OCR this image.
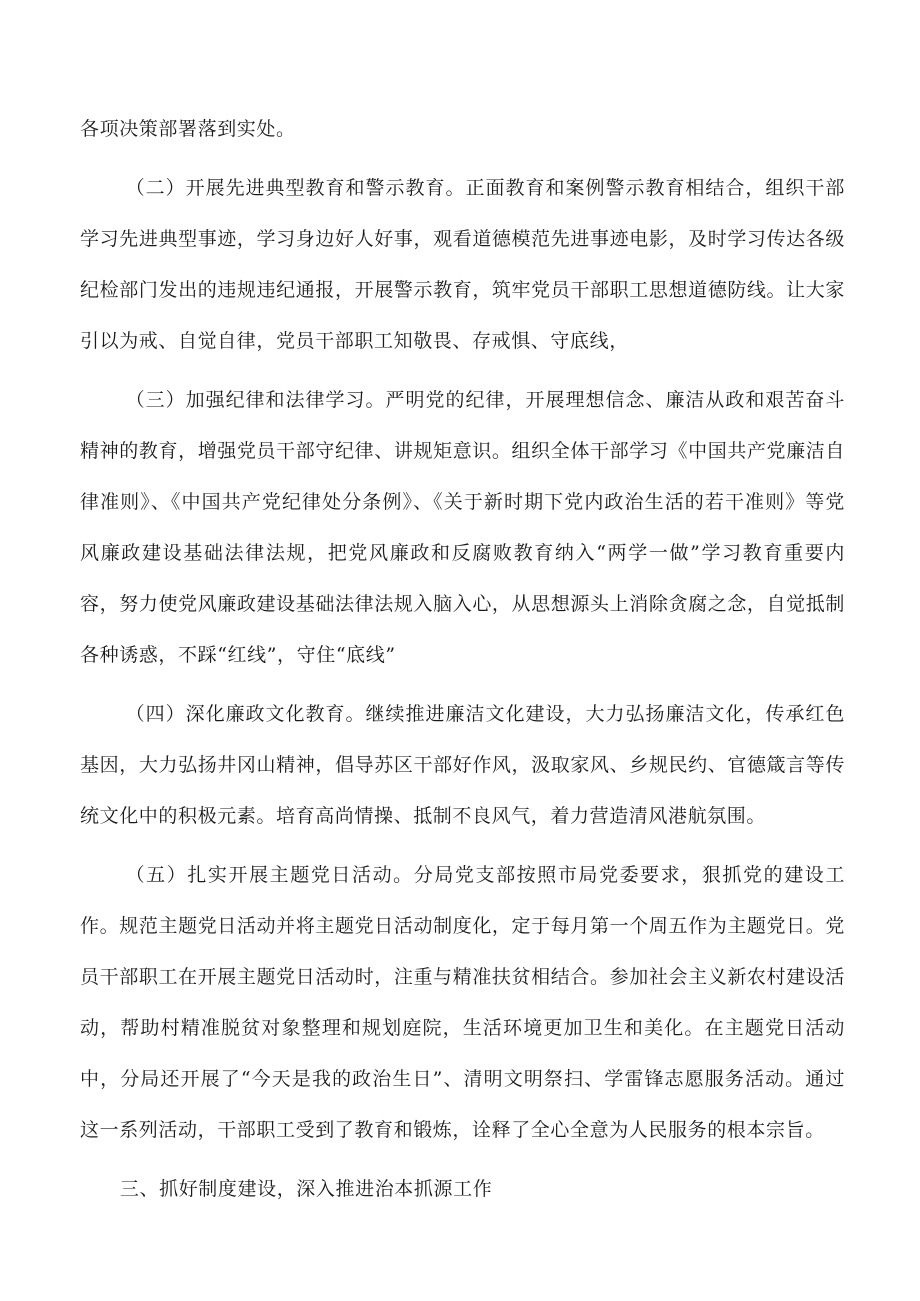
各项决策部署落到实处。

（二）开展先进典型教育和警示教育。正面教育和案例警示教育相结合，组织干部学习先进典型事迹，学习身边好人好事，观看道德模范先进事迹电影，及时学习传达各级纪检部门发出的违规违纪通报，开展警示教育，筑牢党员干部职工思想道德防线。让大家引以为戒、自觉自律，党员干部职工知敬畏、存戒惧、守底线，

（三）加强纪律和法律学习。严明党的纪律，开展理想信念、廉洁从政和艰苦奋斗精神的教育，增强党员干部守纪律、讲规矩意识。组织全体干部学习《中国共产党廉洁自律准则》、《中国共产党纪律处分条例》、《关于新时期下党内政治生活的若干准则》等党风廉政建设基础法律法规，把党风廉政和反腐败教育纳入“两学一做”学习教育重要内容，努力使党风廉政建设基础法律法规入脑入心，从思想源头上消除贪腐之念，自觉抵制各种诱惑，不踩“红线”，守住“底线”

（四）深化廉政文化教育。继续推进廉洁文化建设，大力弘扬廉洁文化，传承红色基因，大力弘扬井冈山精神，倡导苏区干部好作风，汲取家风、乡规民约、官德箴言等传统文化中的积极元素。培育高尚情操、抵制不良风气，着力营造清风港航氛围。

（五）扎实开展主题党日活动。分局党支部按照市局党委要求，狠抓党的建设工作。规范主题党日活动并将主题党日活动制度化，定于每月第一个周五作为主题党日。党员干部职工在开展主题党日活动时，注重与精准扶贫相结合。参加社会主义新农村建设活动，帮助村精准脱贫对象整理和规划庭院，生活环境更加卫生和美化。在主题党日活动中，分局还开展了“今天是我的政治生日”、清明文明祭扫、学雷锋志愿服务活动。通过这一系列活动，干部职工受到了教育和锻炼，诠释了全心全意为人民服务的根本宗旨。

三、抓好制度建设，深入推进治本抓源工作
